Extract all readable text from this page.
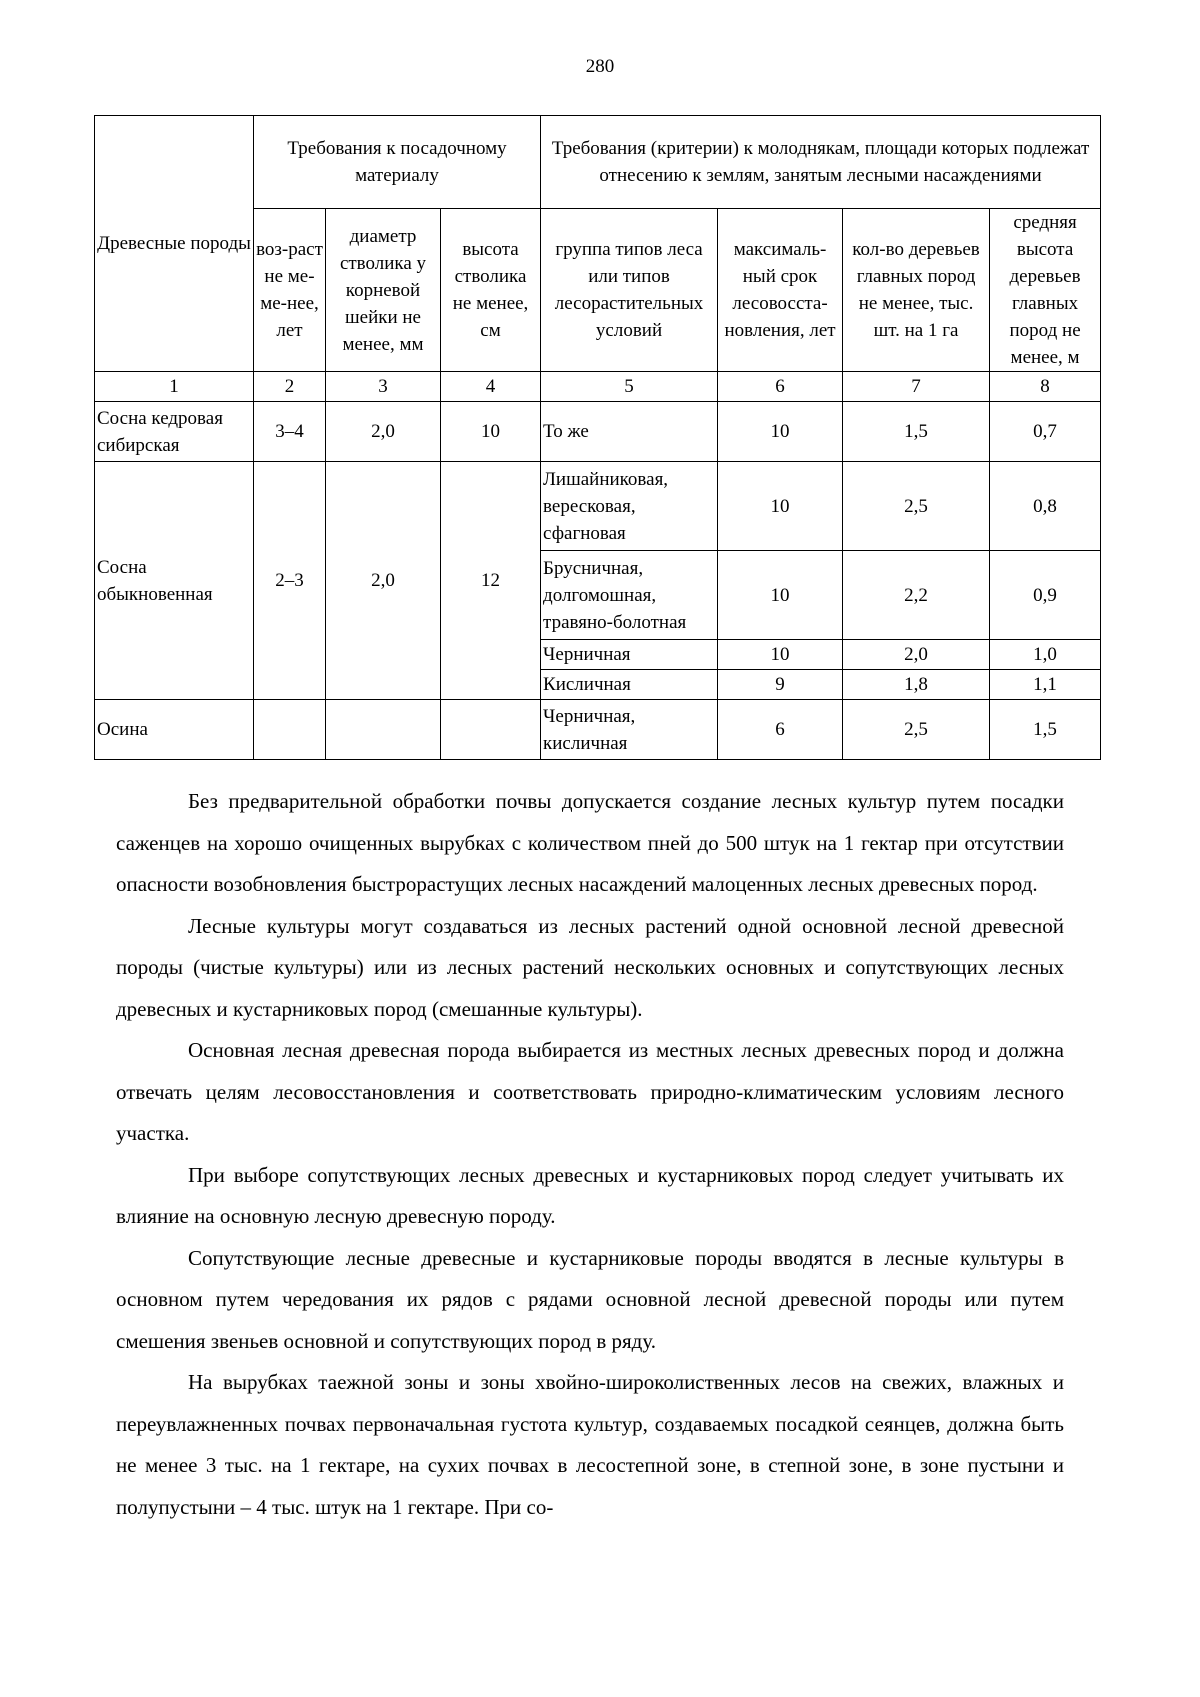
280
Древесные породы	Требования к посадочному материалу			Требования (критерии) к молоднякам, площади которых подлежат отнесению к землям, занятым лесными насаждениями			
	воз-раст не ме-ме-нее, лет	диаметр стволика у корневой шейки не менее, мм	высота стволика не менее, см	группа типов леса или типов лесорастительных условий	максималь-ный срок лесовосста-новления, лет	кол-во деревьев главных пород не менее, тыс. шт. на 1 га	средняя высота деревьев главных пород не менее, м
1	2	3	4	5	6	7	8
Сосна кедровая сибирская	3–4	2,0	10	То же	10	1,5	0,7
Сосна обыкновенная	2–3	2,0	12	Лишайниковая, вересковая, сфагновая	10	2,5	0,8
				Брусничная, долгомошная, травяно-болотная	10	2,2	0,9
				Черничная	10	2,0	1,0
				Кисличная	9	1,8	1,1
Осина				Черничная, кисличная	6	2,5	1,5

Без предварительной обработки почвы допускается создание лесных культур путем посадки саженцев на хорошо очищенных вырубках с количеством пней до 500 штук на 1 гектар при отсутствии опасности возобновления быстрорастущих лесных насаждений малоценных лесных древесных пород.

Лесные культуры могут создаваться из лесных растений одной основной лесной древесной породы (чистые культуры) или из лесных растений нескольких основных и сопутствующих лесных древесных и кустарниковых пород (смешанные культуры).

Основная лесная древесная порода выбирается из местных лесных древесных пород и должна отвечать целям лесовосстановления и соответствовать природно-климатическим условиям лесного участка.

При выборе сопутствующих лесных древесных и кустарниковых пород следует учитывать их влияние на основную лесную древесную породу.

Сопутствующие лесные древесные и кустарниковые породы вводятся в лесные культуры в основном путем чередования их рядов с рядами основной лесной древесной породы или путем смешения звеньев основной и сопутствующих пород в ряду.

На вырубках таежной зоны и зоны хвойно-широколиственных лесов на свежих, влажных и переувлажненных почвах первоначальная густота культур, создаваемых посадкой сеянцев, должна быть не менее 3 тыс. на 1 гектаре, на сухих почвах в лесостепной зоне, в степной зоне, в зоне пустыни и полупустыни – 4 тыс. штук на 1 гектаре. При со-
